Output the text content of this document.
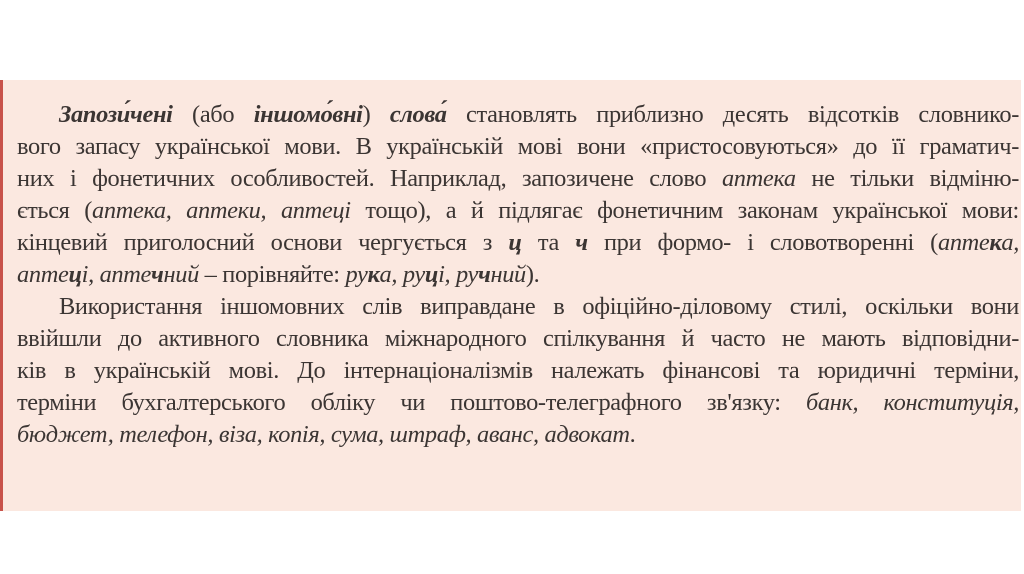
Запози́чені (або іншомо́вні) слова́ становлять приблизно десять відсотків словнико-
вого запасу української мови. В українській мові вони «пристосовуються» до її граматич-
них і фонетичних особливостей. Наприклад, запозичене слово аптека не тільки відміню-
ється (аптека, аптеки, аптеці тощо), а й підлягає фонетичним законам української мови:
кінцевий приголосний основи чергується з ц та ч при формо- і словотворенні (аптека,
аптеці, аптечний – порівняйте: рука, руці, ручний).
Використання іншомовних слів виправдане в офіційно-діловому стилі, оскільки вони
ввійшли до активного словника міжнародного спілкування й часто не мають відповідни-
ків в українській мові. До інтернаціоналізмів належать фінансові та юридичні терміни,
терміни бухгалтерського обліку чи поштово-телеграфного зв'язку: банк, конституція,
бюджет, телефон, віза, копія, сума, штраф, аванс, адвокат.
